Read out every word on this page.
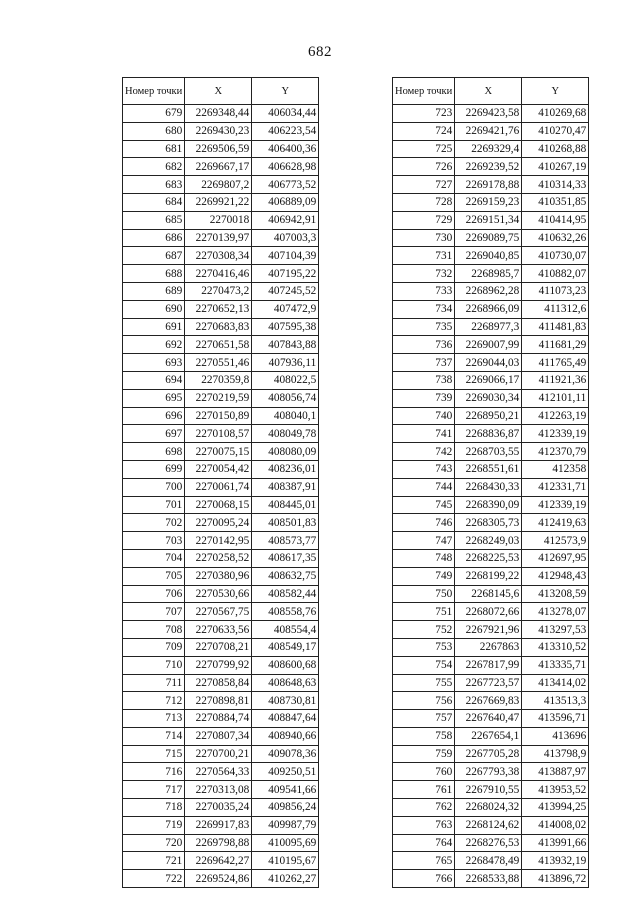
682
Номер точки	X	Y
679	2269348,44	406034,44
680	2269430,23	406223,54
681	2269506,59	406400,36
682	2269667,17	406628,98
683	2269807,2	406773,52
684	2269921,22	406889,09
685	2270018	406942,91
686	2270139,97	407003,3
687	2270308,34	407104,39
688	2270416,46	407195,22
689	2270473,2	407245,52
690	2270652,13	407472,9
691	2270683,83	407595,38
692	2270651,58	407843,88
693	2270551,46	407936,11
694	2270359,8	408022,5
695	2270219,59	408056,74
696	2270150,89	408040,1
697	2270108,57	408049,78
698	2270075,15	408080,09
699	2270054,42	408236,01
700	2270061,74	408387,91
701	2270068,15	408445,01
702	2270095,24	408501,83
703	2270142,95	408573,77
704	2270258,52	408617,35
705	2270380,96	408632,75
706	2270530,66	408582,44
707	2270567,75	408558,76
708	2270633,56	408554,4
709	2270708,21	408549,17
710	2270799,92	408600,68
711	2270858,84	408648,63
712	2270898,81	408730,81
713	2270884,74	408847,64
714	2270807,34	408940,66
715	2270700,21	409078,36
716	2270564,33	409250,51
717	2270313,08	409541,66
718	2270035,24	409856,24
719	2269917,83	409987,79
720	2269798,88	410095,69
721	2269642,27	410195,67
722	2269524,86	410262,27
Номер точки	X	Y
723	2269423,58	410269,68
724	2269421,76	410270,47
725	2269329,4	410268,88
726	2269239,52	410267,19
727	2269178,88	410314,33
728	2269159,23	410351,85
729	2269151,34	410414,95
730	2269089,75	410632,26
731	2269040,85	410730,07
732	2268985,7	410882,07
733	2268962,28	411073,23
734	2268966,09	411312,6
735	2268977,3	411481,83
736	2269007,99	411681,29
737	2269044,03	411765,49
738	2269066,17	411921,36
739	2269030,34	412101,11
740	2268950,21	412263,19
741	2268836,87	412339,19
742	2268703,55	412370,79
743	2268551,61	412358
744	2268430,33	412331,71
745	2268390,09	412339,19
746	2268305,73	412419,63
747	2268249,03	412573,9
748	2268225,53	412697,95
749	2268199,22	412948,43
750	2268145,6	413208,59
751	2268072,66	413278,07
752	2267921,96	413297,53
753	2267863	413310,52
754	2267817,99	413335,71
755	2267723,57	413414,02
756	2267669,83	413513,3
757	2267640,47	413596,71
758	2267654,1	413696
759	2267705,28	413798,9
760	2267793,38	413887,97
761	2267910,55	413953,52
762	2268024,32	413994,25
763	2268124,62	414008,02
764	2268276,53	413991,66
765	2268478,49	413932,19
766	2268533,88	413896,72
